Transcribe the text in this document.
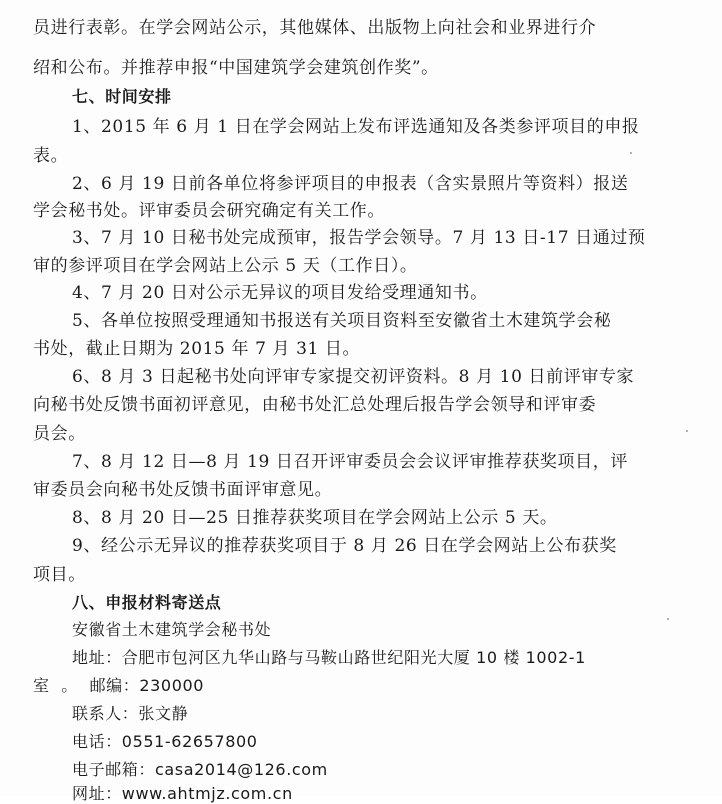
员进行表彰。在学会网站公示，其他媒体、出版物上向社会和业界进行介
绍和公布。并推荐申报“中国建筑学会建筑创作奖”。
七、时间安排
1、2015 年 6 月 1 日在学会网站上发布评选通知及各类参评项目的申报
表。
2、6 月 19 日前各单位将参评项目的申报表（含实景照片等资料）报送
学会秘书处。评审委员会研究确定有关工作。
3、7 月 10 日秘书处完成预审，报告学会领导。7 月 13 日-17 日通过预
审的参评项目在学会网站上公示 5 天（工作日）。
4、7 月 20 日对公示无异议的项目发给受理通知书。
5、各单位按照受理通知书报送有关项目资料至安徽省土木建筑学会秘
书处，截止日期为 2015 年 7 月 31 日。
6、8 月 3 日起秘书处向评审专家提交初评资料。8 月 10 日前评审专家
向秘书处反馈书面初评意见，由秘书处汇总处理后报告学会领导和评审委
员会。
7、8 月 12 日—8 月 19 日召开评审委员会会议评审推荐获奖项目，评
审委员会向秘书处反馈书面评审意见。
8、8 月 20 日—25 日推荐获奖项目在学会网站上公示 5 天。
9、经公示无异议的推荐获奖项目于 8 月 26 日在学会网站上公布获奖
项目。
八、申报材料寄送点
安徽省土木建筑学会秘书处
地址：合肥市包河区九华山路与马鞍山路世纪阳光大厦 10 楼 1002-1
室 。 邮编：230000
联系人：张文静
电话：0551-62657800
电子邮箱：casa2014@126.com
网址：www.ahtmjz.com.cn
